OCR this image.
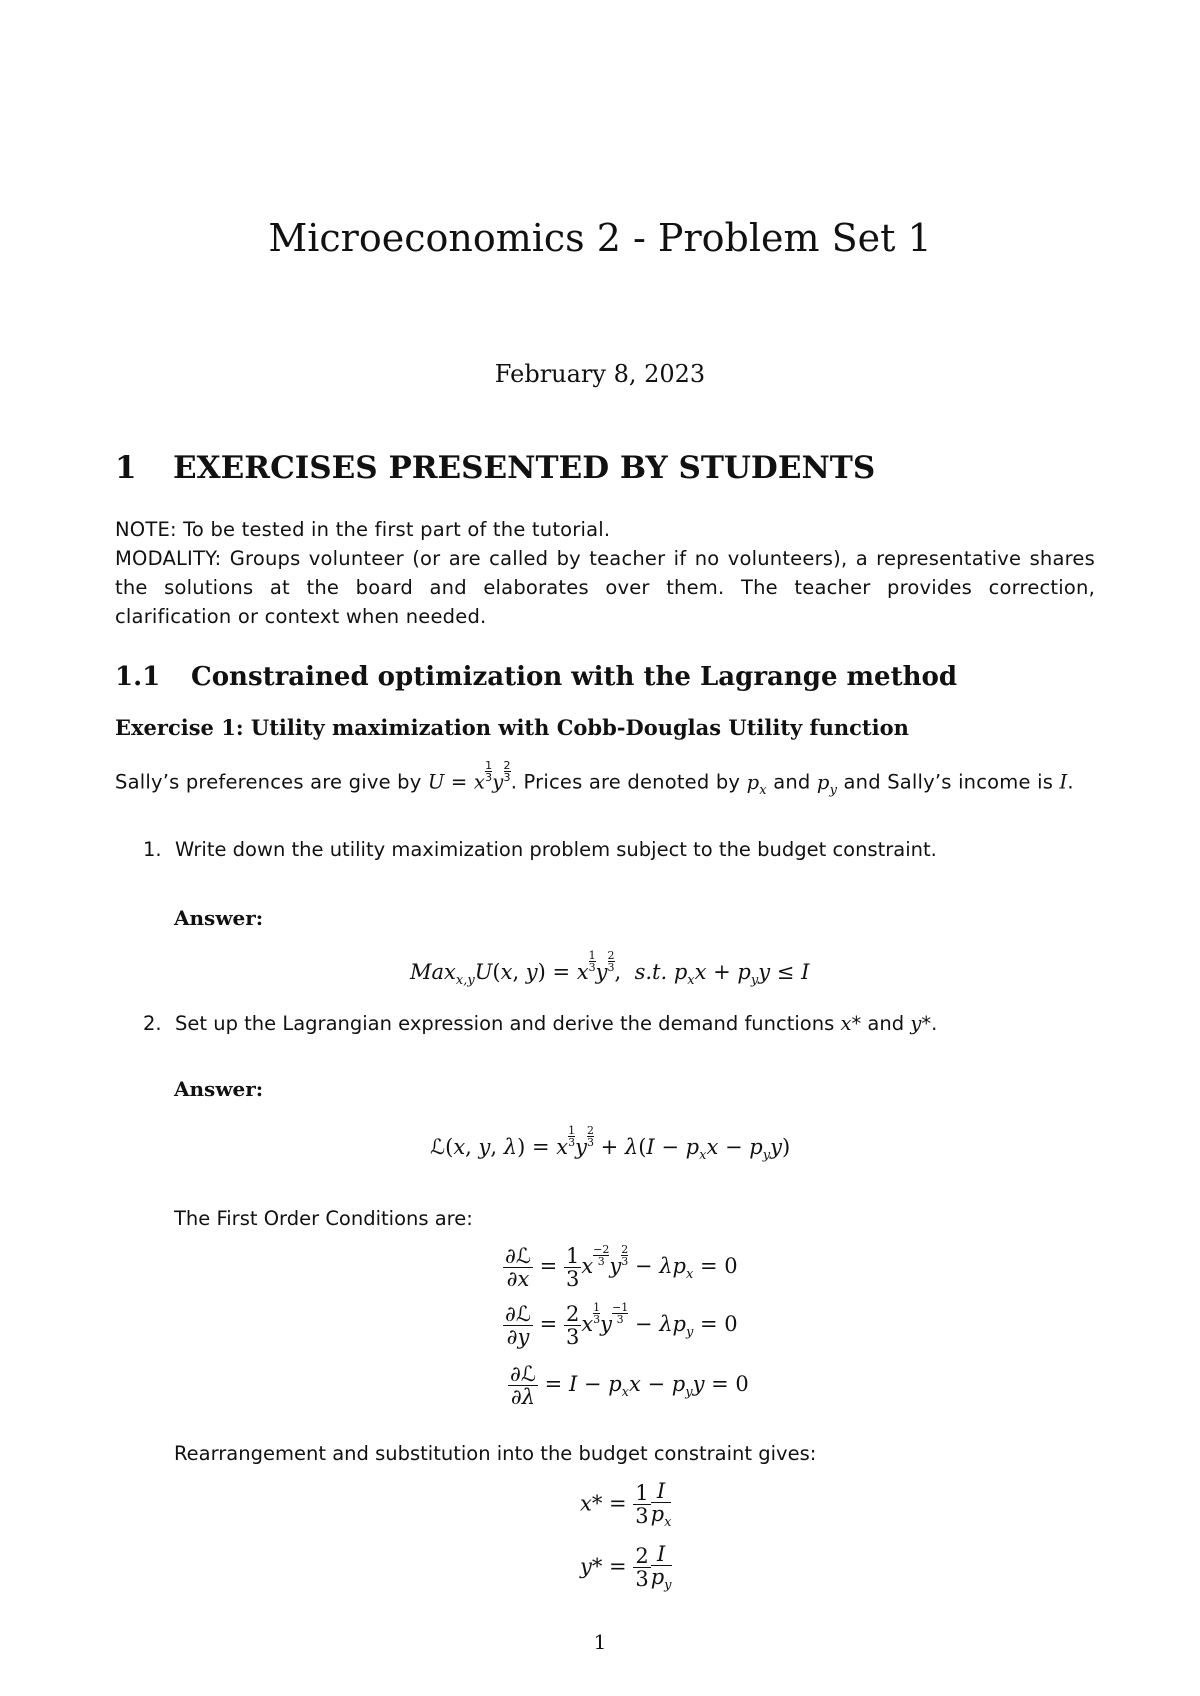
Microeconomics 2 - Problem Set 1
February 8, 2023
1 EXERCISES PRESENTED BY STUDENTS
NOTE: To be tested in the first part of the tutorial.
MODALITY: Groups volunteer (or are called by teacher if no volunteers), a representative shares the solutions at the board and elaborates over them. The teacher provides correction, clarification or context when needed.
1.1 Constrained optimization with the Lagrange method
Exercise 1: Utility maximization with Cobb-Douglas Utility function
Sally’s preferences are give by U = x $\frac{1}{3}$ y $\frac{2}{3}$ . Prices are denoted by $p_x$ and $p_y$ and Sally’s income is I.
1. Write down the utility maximization problem subject to the budget constraint.
Answer:
Max$_{x,y}$U(x, y) = x $\frac{1}{3}$ y $\frac{2}{3}$ ,  s.t. $p_xx + p_yy \le I$
2. Set up the Lagrangian expression and derive the demand functions x* and y*.
Answer:
ℒ(x, y, λ) = x $\frac{1}{3}$ y $\frac{2}{3} + \lambda(I - p_xx - p_yy)$
The First Order Conditions are:
$\frac{\text{∂ℒ}}{\partial x} = \frac{1}{3}$ x $\frac{-2}{3}$ y $\frac{2}{3} - \lambda p_x = 0$
$\frac{\text{∂ℒ}}{\partial y} = \frac{2}{3}$ x $\frac{1}{3}$ y $\frac{-1}{3} - \lambda p_y = 0$
$\frac{\text{∂ℒ}}{\partial\lambda} = I - p_xx - p_yy = 0$
Rearrangement and substitution into the budget constraint gives:
$x* = \frac{1}{3} \frac{I}{p_x}$
$y* = \frac{2}{3} \frac{I}{p_y}$
1
